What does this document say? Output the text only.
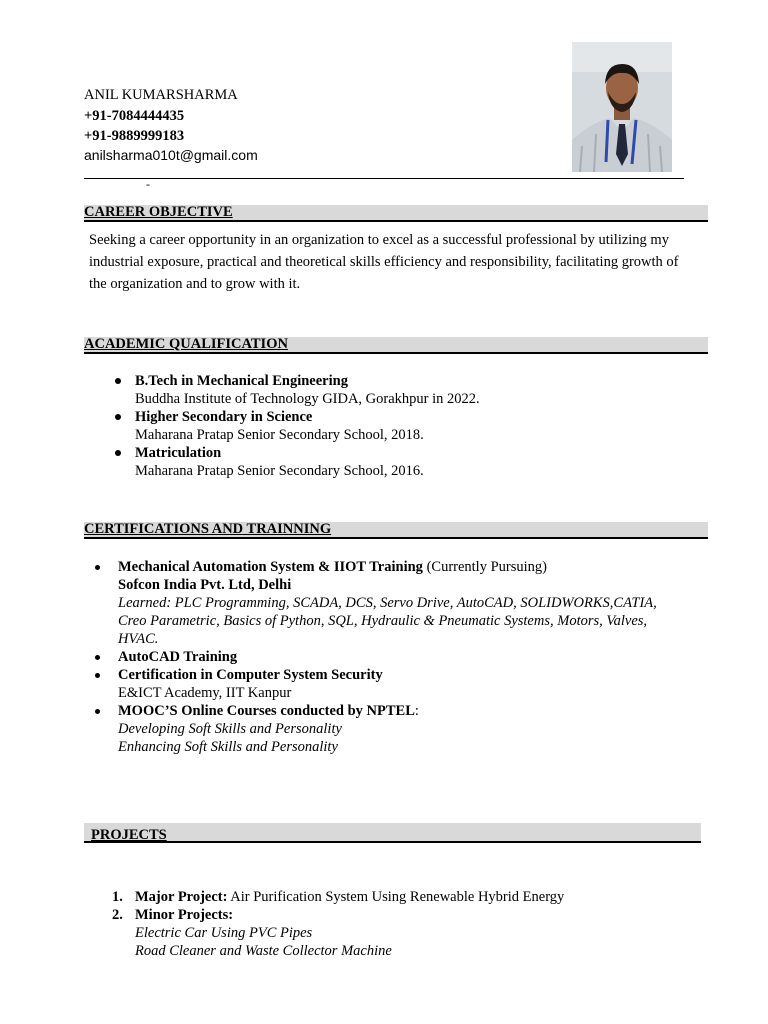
ANIL KUMARSHARMA
+91-7084444435
+91-9889999183
anilsharma010t@gmail.com
-
CAREER OBJECTIVE
Seeking a career opportunity in an organization to excel as a successful professional by utilizing my industrial exposure, practical and theoretical skills efficiency and responsibility, facilitating growth of the organization and to grow with it.
ACADEMIC QUALIFICATION
B.Tech in Mechanical Engineering
Buddha Institute of Technology GIDA, Gorakhpur in 2022.
Higher Secondary in Science
Maharana Pratap Senior Secondary School, 2018.
Matriculation
Maharana Pratap Senior Secondary School, 2016.
CERTIFICATIONS AND TRAINNING
Mechanical Automation System & IIOT Training (Currently Pursuing)
Sofcon India Pvt. Ltd, Delhi
Learned: PLC Programming, SCADA, DCS, Servo Drive, AutoCAD, SOLIDWORKS,CATIA, Creo Parametric, Basics of Python, SQL, Hydraulic & Pneumatic Systems, Motors, Valves, HVAC.
AutoCAD Training
Certification in Computer System Security
E&ICT Academy, IIT Kanpur
MOOC’S Online Courses conducted by NPTEL:
Developing Soft Skills and Personality
Enhancing Soft Skills and Personality
PROJECTS
1. Major Project: Air Purification System Using Renewable Hybrid Energy
2. Minor Projects:
Electric Car Using PVC Pipes
Road Cleaner and Waste Collector Machine
